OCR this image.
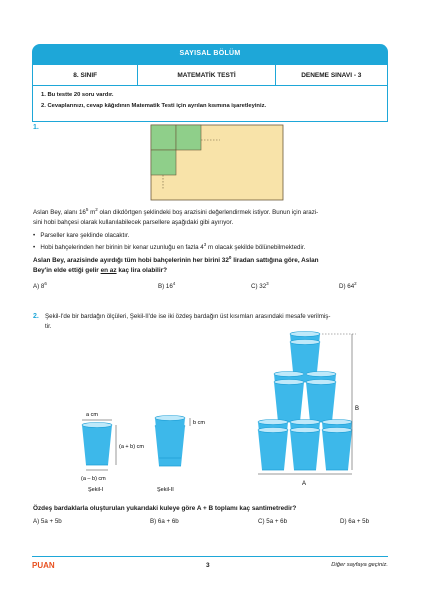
SAYISAL BÖLÜM
8. SINIF	MATEMATİK TESTİ	DENEME SINAVI - 3
1. Bu testte 20 soru vardır.
2. Cevaplarınızı, cevap kâğıdının Matematik Testi için ayrılan kısmına işaretleyiniz.
1.
Aslan Bey, alanı $16^5$ $m^2$ olan dikdörtgen şeklindeki boş arazisini değerlendirmek istiyor. Bunun için arazi-
sini hobi bahçesi olarak kullanılabilecek parsellere aşağıdaki gibi ayırıyor.
•   Parseller kare şeklinde olacaktır.
•   Hobi bahçelerinden her birinin bir kenar uzunluğu en fazla $4^3$ m olacak şekilde bölünebilmektedir.
Aslan Bey, arazisinde ayırdığı tüm hobi bahçelerinin her birini $32^0$ liradan sattığına göre, Aslan
Bey'in elde ettiği gelir en az kaç lira olabilir?
A) $8^6$	B) $16^4$	C) $32^3$	D) $64^2$
2. Şekil-I'de bir bardağın ölçüleri, Şekil-II'de ise iki özdeş bardağın üst kısımları arasındaki mesafe verilmiş-
tir.
a cm
(a + b) cm
(a – b) cm
Şekil-I
b cm
Şekil-II
B
A
Özdeş bardaklarla oluşturulan yukarıdaki kuleye göre A + B toplamı kaç santimetredir?
A) 5a + 5b	B) 6a + 6b	C) 5a + 6b	D) 6a + 5b
PUAN	3	Diğer sayfaya geçiniz.
